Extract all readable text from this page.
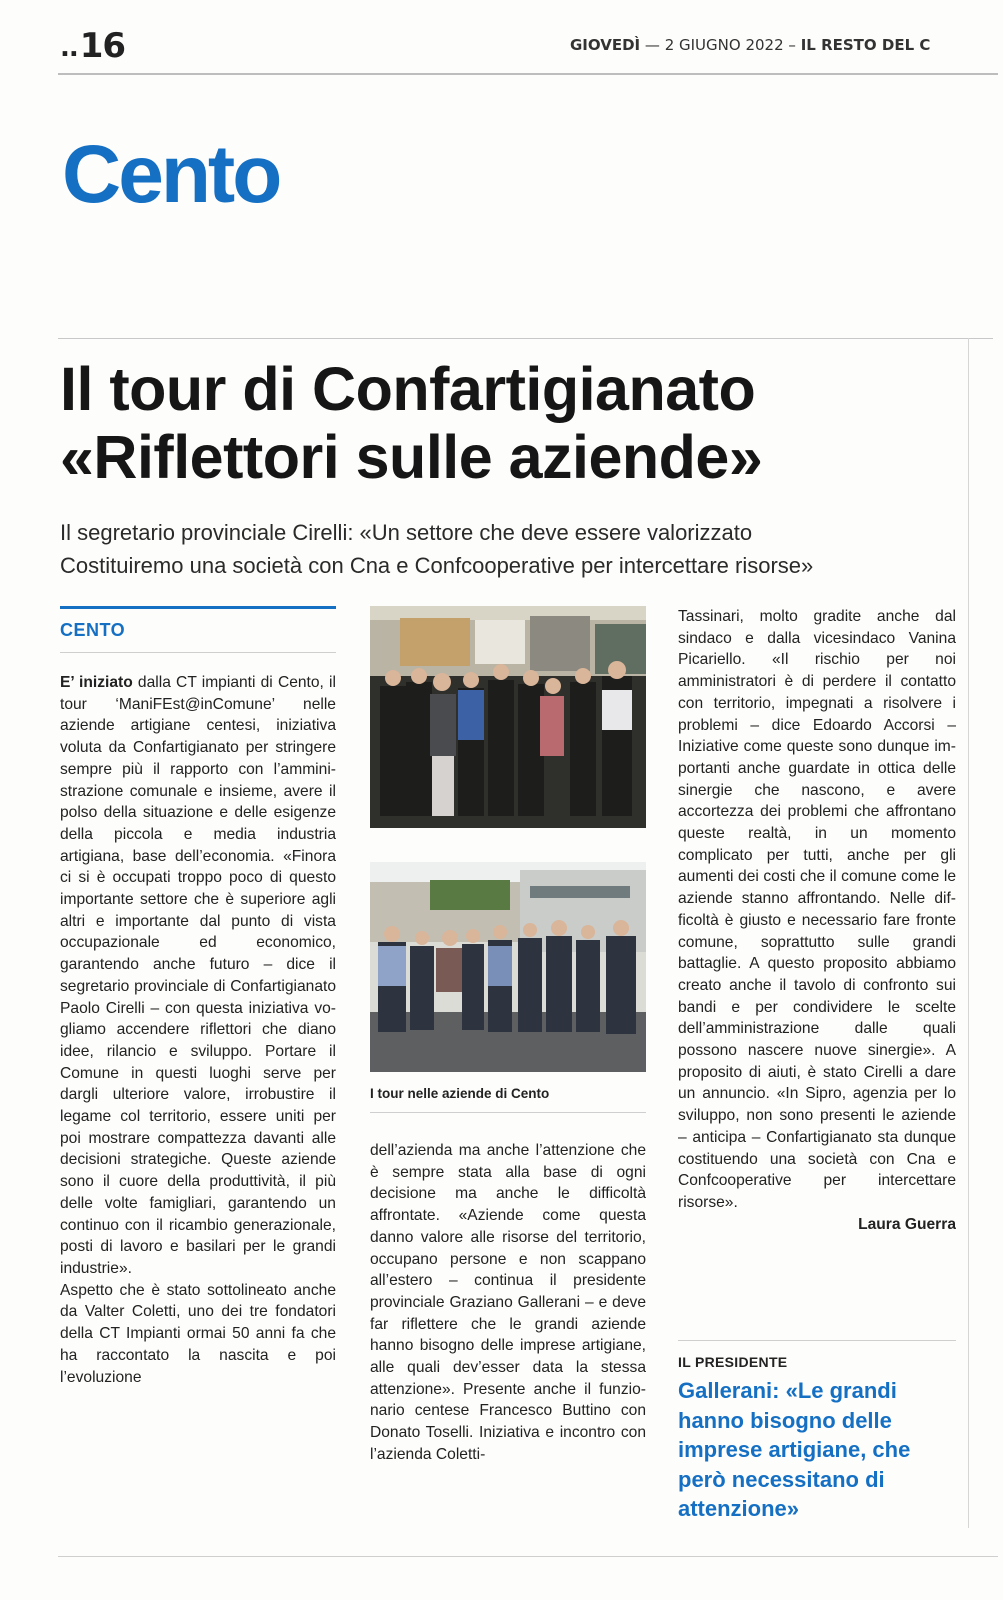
..16	GIOVEDÌ — 2 GIUGNO 2022 – IL RESTO DEL C
Cento
Il tour di Confartigianato
«Riflettori sulle aziende»
Il segretario provinciale Cirelli: «Un settore che deve essere valorizzato
Costituiremo una società con Cna e Confcooperative per intercettare risorse»
CENTO

E’ iniziato dalla CT impianti di Cento, il tour ‘ManiFEst@inComune’ nelle aziende artigiane centesi, iniziativa voluta da Confartigianato per stringere sempre più il rapporto con l’amministrazione comunale e insieme, avere il polso della situazione e delle esigenze della piccola e media industria artigiana, base dell’economia. «Finora ci si è occupati troppo poco di questo importante settore che è superiore agli altri e importante dal punto di vista occupazionale ed economico, garantendo anche futuro – dice il segretario provinciale di Confartigianato Paolo Cirelli – con questa iniziativa vogliamo accendere riflettori che diano idee, rilancio e sviluppo. Portare il Comune in questi luoghi serve per dargli ulteriore valore, irrobustire il legame col territorio, essere uniti per poi mostrare compattezza davanti alle decisioni strategiche. Queste aziende sono il cuore della produttività, il più delle volte famigliari, garantendo un continuo con il ricambio generazionale, posti di lavoro e basilari per le grandi industrie».

Aspetto che è stato sottolineato anche da Valter Coletti, uno dei tre fondatori della CT Impianti ormai 50 anni fa che ha raccontato la nascita e poi l’evoluzione

I tour nelle aziende di Cento

dell’azienda ma anche l’attenzione che è sempre stata alla base di ogni decisione ma anche le difficoltà affrontate. «Aziende come questa danno valore alle risorse del territorio, occupano persone e non scappano all’estero – continua il presidente provinciale Graziano Gallerani – e deve far riflettere che le grandi aziende hanno bisogno delle imprese artigiane, alle quali dev’esser data la stessa attenzione». Presente anche il funzionario centese Francesco Buttino con Donato Toselli. Iniziativa e incontro con l’azienda Coletti-

Tassinari, molto gradite anche dal sindaco e dalla vicesindaco Vanina Picariello. «Il rischio per noi amministratori è di perdere il contatto con territorio, impegnati a risolvere i problemi – dice Edoardo Accorsi – Iniziative come queste sono dunque importanti anche guardate in ottica delle sinergie che nascono, e avere accortezza dei problemi che affrontano queste realtà, in un momento complicato per tutti, anche per gli aumenti dei costi che il comune come le aziende stanno affrontando. Nelle difficoltà è giusto e necessario fare fronte comune, soprattutto sulle grandi battaglie. A questo proposito abbiamo creato anche il tavolo di confronto sui bandi e per condividere le scelte dell’amministrazione dalle quali possono nascere nuove sinergie». A proposito di aiuti, è stato Cirelli a dare un annuncio. «In Sipro, agenzia per lo sviluppo, non sono presenti le aziende – anticipa – Confartigianato sta dunque costituendo una società con Cna e Confcooperative per intercettare risorse».

Laura Guerra

IL PRESIDENTE
Gallerani: «Le grandi hanno bisogno delle imprese artigiane, che però necessitano di attenzione»
